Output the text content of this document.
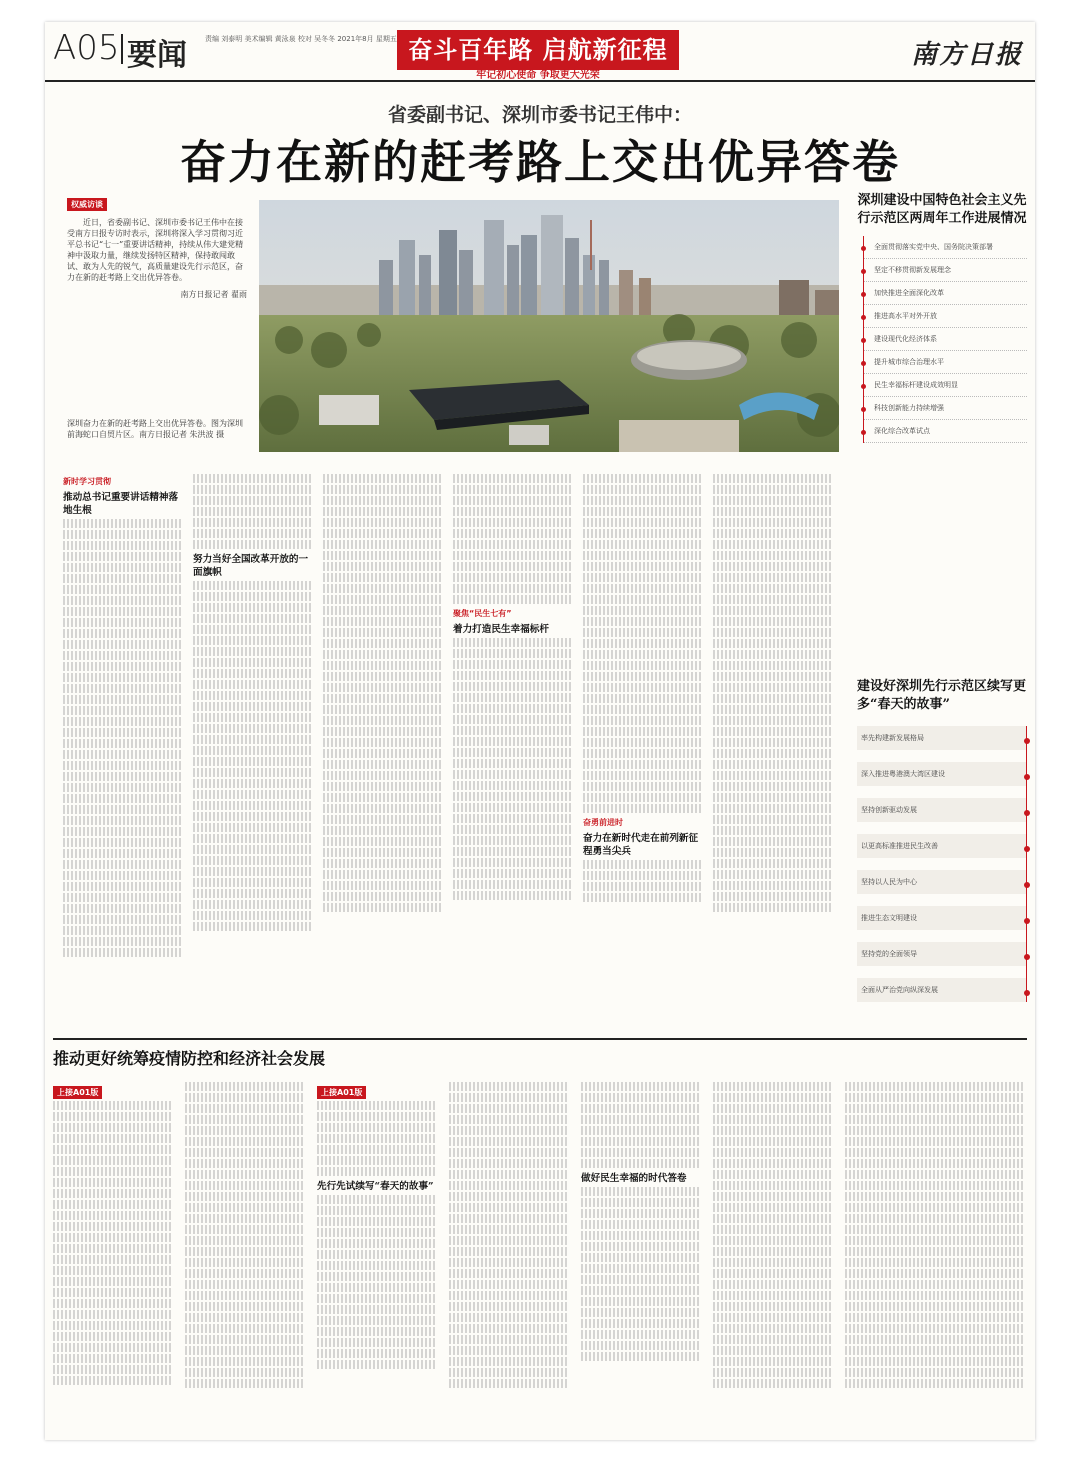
A05 要闻	责编 刘泰明 美术编辑 黄泳泉 校对 吴冬冬 2021年8月 星期五 奋斗百年路 启航新征程
牢记初心使命 争取更大光荣
南方日报
省委副书记、深圳市委书记王伟中：
奋力在新的赶考路上交出优异答卷
权威访谈

近日，省委副书记、深圳市委书记王伟中在接受南方日报专访时表示，深圳将深入学习贯彻习近平总书记“七一”重要讲话精神，持续从伟大建党精神中汲取力量，继续发扬特区精神，保持敢闯敢试、敢为人先的锐气，高质量建设先行示范区，奋力在新的赶考路上交出优异答卷。

南方日报记者 翟雨
深圳奋力在新的赶考路上交出优异答卷。图为深圳前海蛇口自贸片区。南方日报记者 朱洪波 摄
深圳建设中国特色社会主义先行示范区两周年工作进展情况
全面贯彻落实党中央、国务院决策部署
坚定不移贯彻新发展理念
加快推进全面深化改革
推进高水平对外开放
建设现代化经济体系
提升城市综合治理水平
民生幸福标杆建设成效明显
科技创新能力持续增强
深化综合改革试点
建设好深圳先行示范区续写更多“春天的故事”
率先构建新发展格局
深入推进粤港澳大湾区建设
坚持创新驱动发展
以更高标准推进民生改善
坚持以人民为中心
推进生态文明建设
坚持党的全面领导
全面从严治党向纵深发展
新时学习贯彻
推动总书记重要讲话精神落地生根
努力当好全国改革开放的一面旗帜
聚焦“民生七有”
着力打造民生幸福标杆
奋勇前进时
奋力在新时代走在前列新征程勇当尖兵
推动更好统筹疫情防控和经济社会发展
上接A01版	上接A01版
先行先试续写“春天的故事”
做好民生幸福的时代答卷
